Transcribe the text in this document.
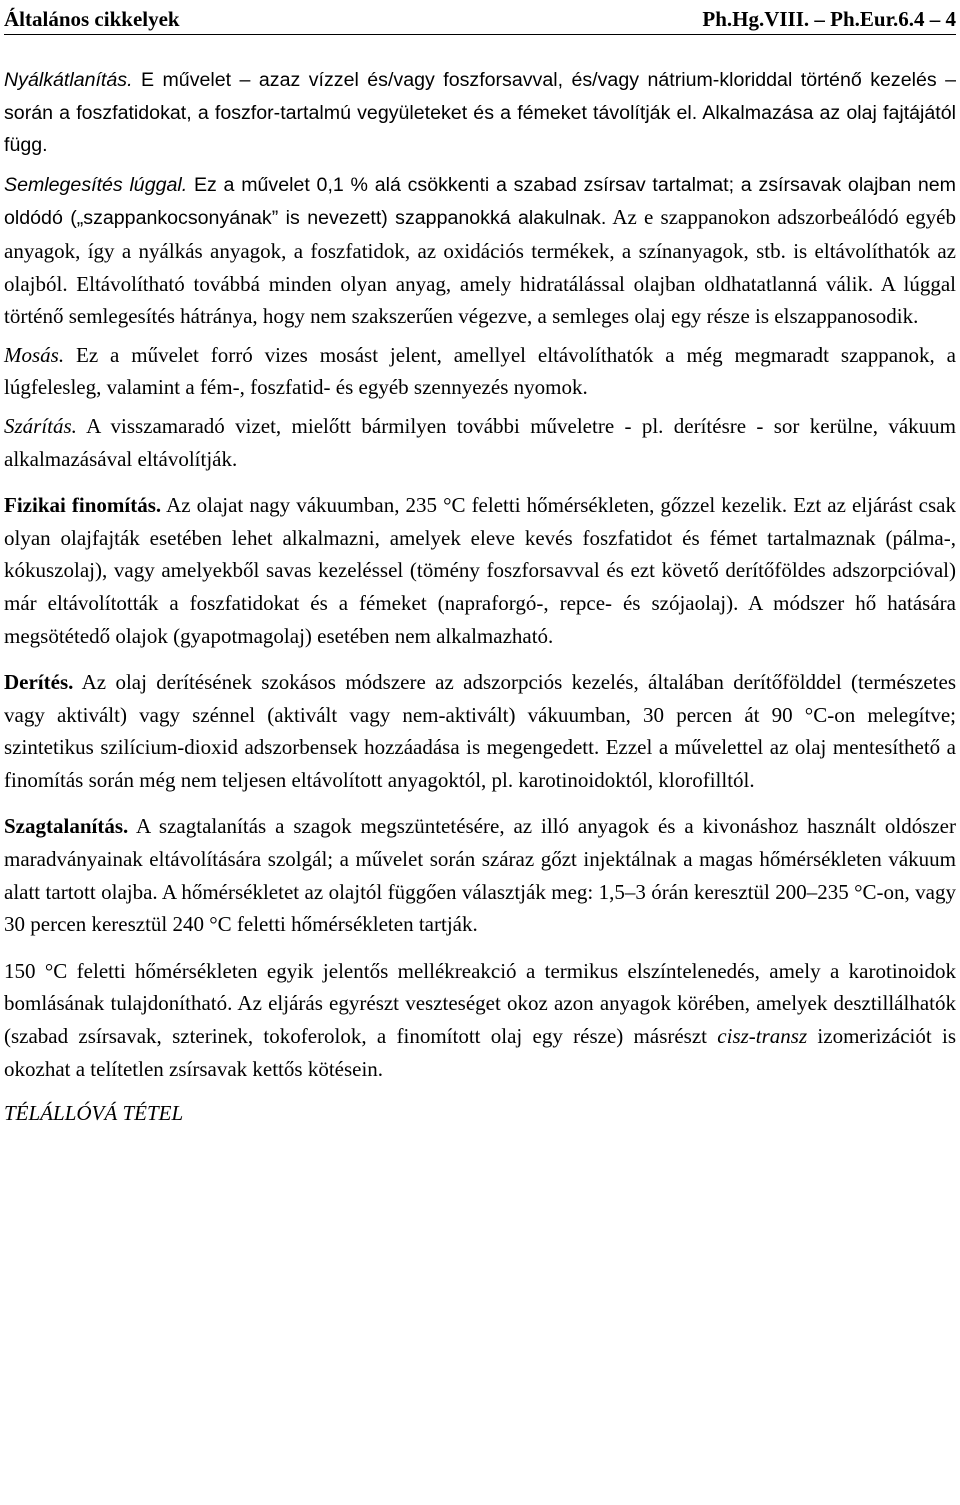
Általános cikkelyek	Ph.Hg.VIII. – Ph.Eur.6.4 – 4

Nyálkátlanítás. E művelet – azaz vízzel és/vagy foszforsavval, és/vagy nátrium-kloriddal történő kezelés – során a foszfatidokat, a foszfor-tartalmú vegyületeket és a fémeket távolítják el. Alkalmazása az olaj fajtájától függ.

Semlegesítés lúggal. Ez a művelet 0,1 % alá csökkenti a szabad zsírsav tartalmat; a zsírsavak olajban nem oldódó („szappankocsonyának” is nevezett) szappanokká alakulnak. Az e szappanokon adszorbeálódó egyéb anyagok, így a nyálkás anyagok, a foszfatidok, az oxidációs termékek, a színanyagok, stb. is eltávolíthatók az olajból. Eltávolítható továbbá minden olyan anyag, amely hidratálással olajban oldhatatlanná válik. A lúggal történő semlegesítés hátránya, hogy nem szakszerűen végezve, a semleges olaj egy része is elszappanosodik.

Mosás. Ez a művelet forró vizes mosást jelent, amellyel eltávolíthatók a még megmaradt szappanok, a lúgfelesleg, valamint a fém-, foszfatid- és egyéb szennyezés nyomok.

Szárítás. A visszamaradó vizet, mielőtt bármilyen további műveletre - pl. derítésre - sor kerülne, vákuum alkalmazásával eltávolítják.

Fizikai finomítás. Az olajat nagy vákuumban, 235 °C feletti hőmérsékleten, gőzzel kezelik. Ezt az eljárást csak olyan olajfajták esetében lehet alkalmazni, amelyek eleve kevés foszfatidot és fémet tartalmaznak (pálma-, kókuszolaj), vagy amelyekből savas kezeléssel (tömény foszforsavval és ezt követő derítőföldes adszorpcióval) már eltávolították a foszfatidokat és a fémeket (napraforgó-, repce- és szójaolaj). A módszer hő hatására megsötétedő olajok (gyapotmagolaj) esetében nem alkalmazható.

Derítés. Az olaj derítésének szokásos módszere az adszorpciós kezelés, általában derítőfölddel (természetes vagy aktivált) vagy szénnel (aktivált vagy nem-aktivált) vákuumban, 30 percen át 90 °C-on melegítve; szintetikus szilícium-dioxid adszorbensek hozzáadása is megengedett. Ezzel a művelettel az olaj mentesíthető a finomítás során még nem teljesen eltávolított anyagoktól, pl. karotinoidoktól, klorofilltól.

Szagtalanítás. A szagtalanítás a szagok megszüntetésére, az illó anyagok és a kivonáshoz használt oldószer maradványainak eltávolítására szolgál; a művelet során száraz gőzt injektálnak a magas hőmérsékleten vákuum alatt tartott olajba. A hőmérsékletet az olajtól függően választják meg: 1,5–3 órán keresztül 200–235 °C-on, vagy 30 percen keresztül 240 °C feletti hőmérsékleten tartják.

150 °C feletti hőmérsékleten egyik jelentős mellékreakció a termikus elszíntelenedés, amely a karotinoidok bomlásának tulajdonítható. Az eljárás egyrészt veszteséget okoz azon anyagok körében, amelyek desztillálhatók (szabad zsírsavak, szterinek, tokoferolok, a finomított olaj egy része) másrészt cisz-transz izomerizációt is okozhat a telítetlen zsírsavak kettős kötésein.

TÉLÁLLÓVÁ TÉTEL
